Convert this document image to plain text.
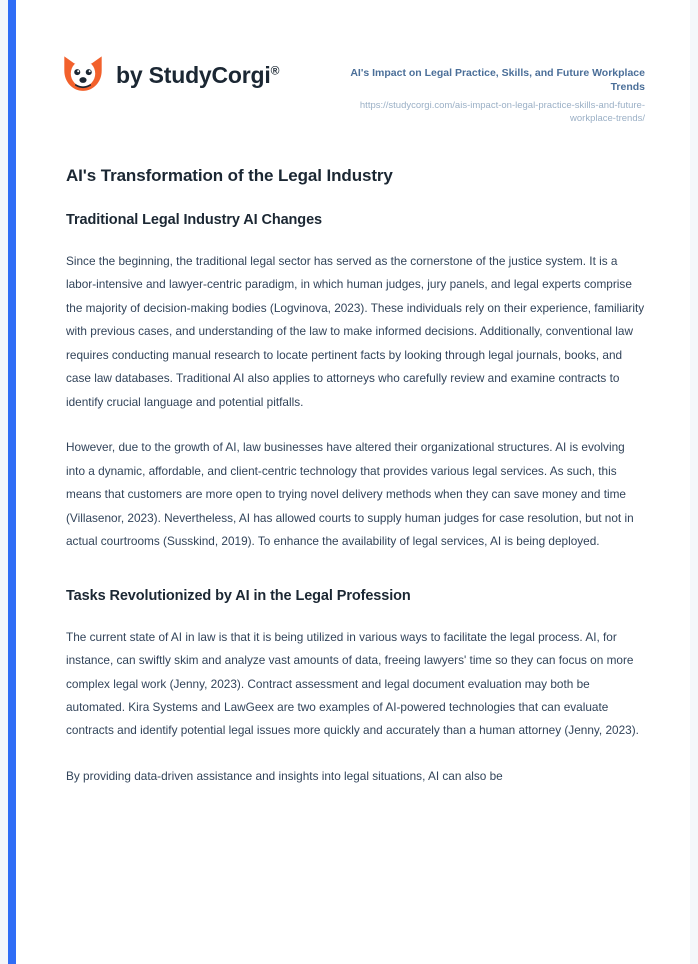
by StudyCorgi®	AI's Impact on Legal Practice, Skills, and Future Workplace Trends

https://studycorgi.com/ais-impact-on-legal-practice-skills-and-future-workplace-trends/

AI's Transformation of the Legal Industry
Traditional Legal Industry AI Changes

Since the beginning, the traditional legal sector has served as the cornerstone of the justice system. It is a labor-intensive and lawyer-centric paradigm, in which human judges, jury panels, and legal experts comprise the majority of decision-making bodies (Logvinova, 2023). These individuals rely on their experience, familiarity with previous cases, and understanding of the law to make informed decisions. Additionally, conventional law requires conducting manual research to locate pertinent facts by looking through legal journals, books, and case law databases. Traditional AI also applies to attorneys who carefully review and examine contracts to identify crucial language and potential pitfalls.

However, due to the growth of AI, law businesses have altered their organizational structures. AI is evolving into a dynamic, affordable, and client-centric technology that provides various legal services. As such, this means that customers are more open to trying novel delivery methods when they can save money and time (Villasenor, 2023). Nevertheless, AI has allowed courts to supply human judges for case resolution, but not in actual courtrooms (Susskind, 2019). To enhance the availability of legal services, AI is being deployed.

Tasks Revolutionized by AI in the Legal Profession

The current state of AI in law is that it is being utilized in various ways to facilitate the legal process. AI, for instance, can swiftly skim and analyze vast amounts of data, freeing lawyers' time so they can focus on more complex legal work (Jenny, 2023). Contract assessment and legal document evaluation may both be automated. Kira Systems and LawGeex are two examples of AI-powered technologies that can evaluate contracts and identify potential legal issues more quickly and accurately than a human attorney (Jenny, 2023).

By providing data-driven assistance and insights into legal situations, AI can also be
